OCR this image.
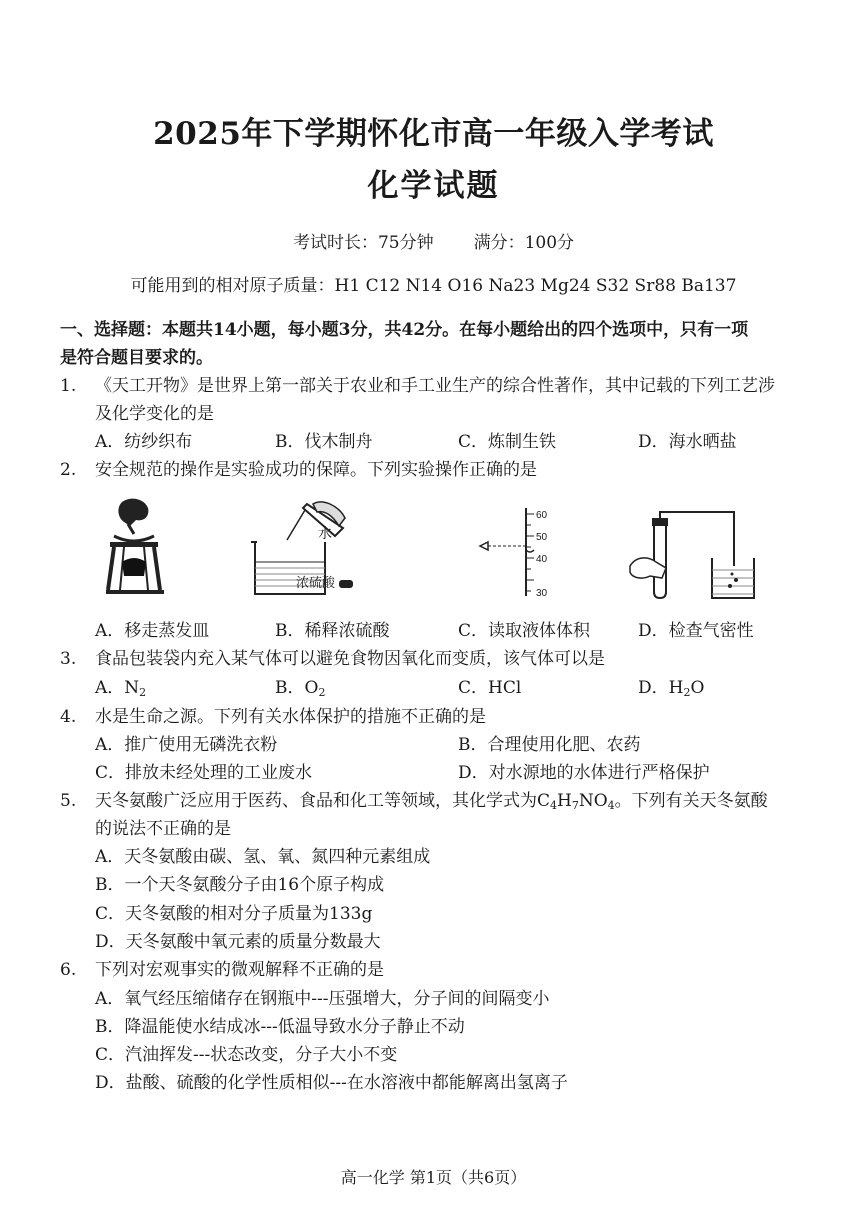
2025年下学期怀化市高一年级入学考试
化学试题
考试时长：75分钟 满分：100分
可能用到的相对原子质量：H1 C12 N14 O16 Na23 Mg24 S32 Sr88 Ba137
一、选择题：本题共14小题，每小题3分，共42分。在每小题给出的四个选项中，只有一项
是符合题目要求的。
1. 《天工开物》是世界上第一部关于农业和手工业生产的综合性著作，其中记载的下列工艺涉
及化学变化的是
A．纺纱织布	B．伐木制舟	C．炼制生铁	D．海水晒盐
2. 安全规范的操作是实验成功的保障。下列实验操作正确的是
水
浓硫酸
60
50
40
30
A．移走蒸发皿	B．稀释浓硫酸	C．读取液体体积	D．检查气密性
3. 食品包装袋内充入某气体可以避免食物因氧化而变质，该气体可以是
A．$N_2$	B．$O_2$	C．HCl	D．$H_2O$
4. 水是生命之源。下列有关水体保护的措施不正确的是
A．推广使用无磷洗衣粉	B．合理使用化肥、农药
C．排放未经处理的工业废水	D．对水源地的水体进行严格保护
5. 天冬氨酸广泛应用于医药、食品和化工等领域，其化学式为$C_4H_7NO_4$。下列有关天冬氨酸
的说法不正确的是
A．天冬氨酸由碳、氢、氧、氮四种元素组成
B．一个天冬氨酸分子由16个原子构成
C．天冬氨酸的相对分子质量为133g
D．天冬氨酸中氧元素的质量分数最大
6. 下列对宏观事实的微观解释不正确的是
A．氧气经压缩储存在钢瓶中---压强增大，分子间的间隔变小
B．降温能使水结成冰---低温导致水分子静止不动
C．汽油挥发---状态改变，分子大小不变
D．盐酸、硫酸的化学性质相似---在水溶液中都能解离出氢离子
高一化学 第1页（共6页）
